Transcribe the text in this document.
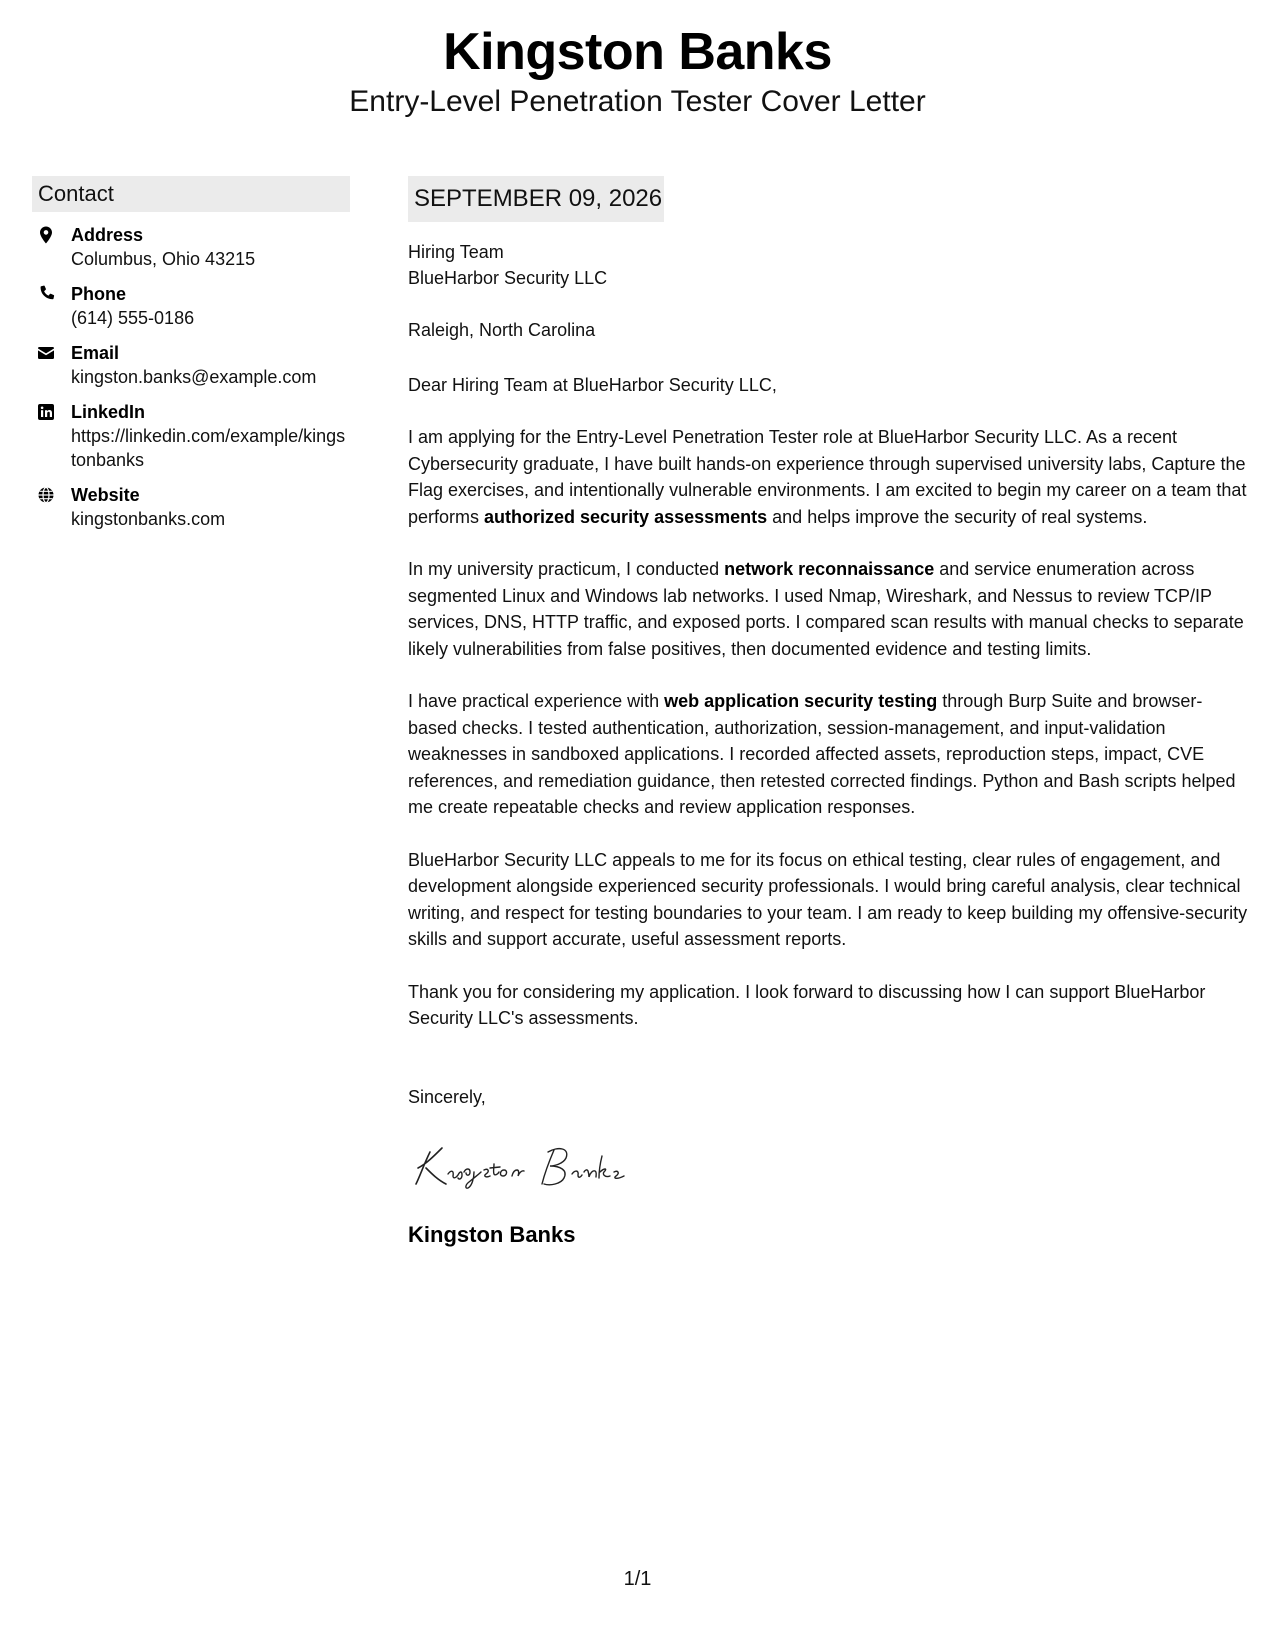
Kingston Banks
Entry-Level Penetration Tester Cover Letter
Contact
Address
Columbus, Ohio 43215
Phone
(614) 555-0186
Email
kingston.banks@example.com
LinkedIn
https://linkedin.com/example/kingstonbanks
Website
kingstonbanks.com
SEPTEMBER 09, 2026
Hiring Team
BlueHarbor Security LLC
Raleigh, North Carolina
Dear Hiring Team at BlueHarbor Security LLC,

I am applying for the Entry-Level Penetration Tester role at BlueHarbor Security LLC. As a recent Cybersecurity graduate, I have built hands-on experience through supervised university labs, Capture the Flag exercises, and intentionally vulnerable environments. I am excited to begin my career on a team that performs authorized security assessments and helps improve the security of real systems.

In my university practicum, I conducted network reconnaissance and service enumeration across segmented Linux and Windows lab networks. I used Nmap, Wireshark, and Nessus to review TCP/IP services, DNS, HTTP traffic, and exposed ports. I compared scan results with manual checks to separate likely vulnerabilities from false positives, then documented evidence and testing limits.

I have practical experience with web application security testing through Burp Suite and browser-based checks. I tested authentication, authorization, session-management, and input-validation weaknesses in sandboxed applications. I recorded affected assets, reproduction steps, impact, CVE references, and remediation guidance, then retested corrected findings. Python and Bash scripts helped me create repeatable checks and review application responses.

BlueHarbor Security LLC appeals to me for its focus on ethical testing, clear rules of engagement, and development alongside experienced security professionals. I would bring careful analysis, clear technical writing, and respect for testing boundaries to your team. I am ready to keep building my offensive-security skills and support accurate, useful assessment reports.

Thank you for considering my application. I look forward to discussing how I can support BlueHarbor Security LLC's assessments.

Sincerely,
Kingston Banks
1/1
